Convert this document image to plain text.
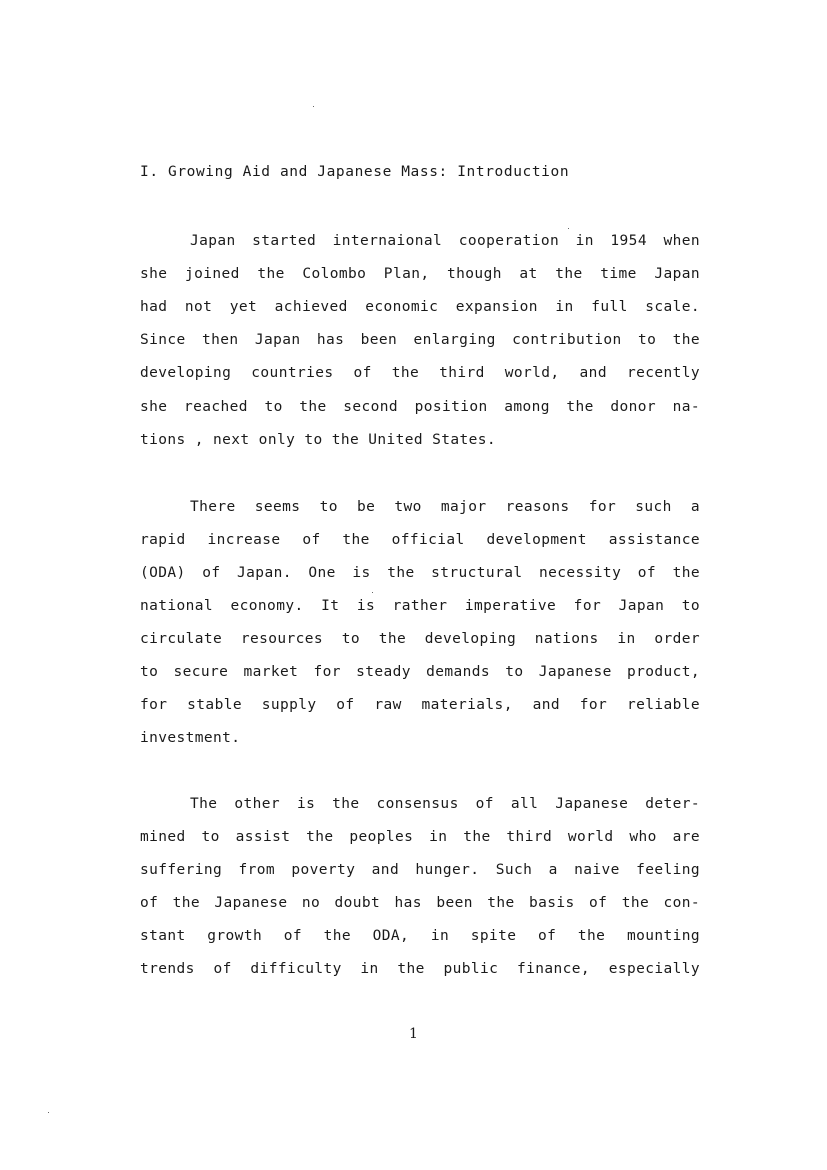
I. Growing Aid and Japanese Mass: Introduction
Japan started internaional cooperation in 1954 when
she joined the Colombo Plan, though at the time Japan
had not yet achieved economic expansion in full scale.
Since then Japan has been enlarging contribution to the
developing countries of the third world, and recently
she reached to the second position among the donor na-
tions , next only to the United States.
There seems to be two major reasons for such a
rapid increase of the official development assistance
(ODA) of Japan. One is the structural necessity of the
national economy. It is rather imperative for Japan to
circulate resources to the developing nations in order
to secure market for steady demands to Japanese product,
for stable supply of raw materials, and for reliable
investment.
The other is the consensus of all Japanese deter-
mined to assist the peoples in the third world who are
suffering from poverty and hunger. Such a naive feeling
of the Japanese no doubt has been the basis of the con-
stant growth of the ODA, in spite of the mounting
trends of difficulty in the public finance, especially
1
